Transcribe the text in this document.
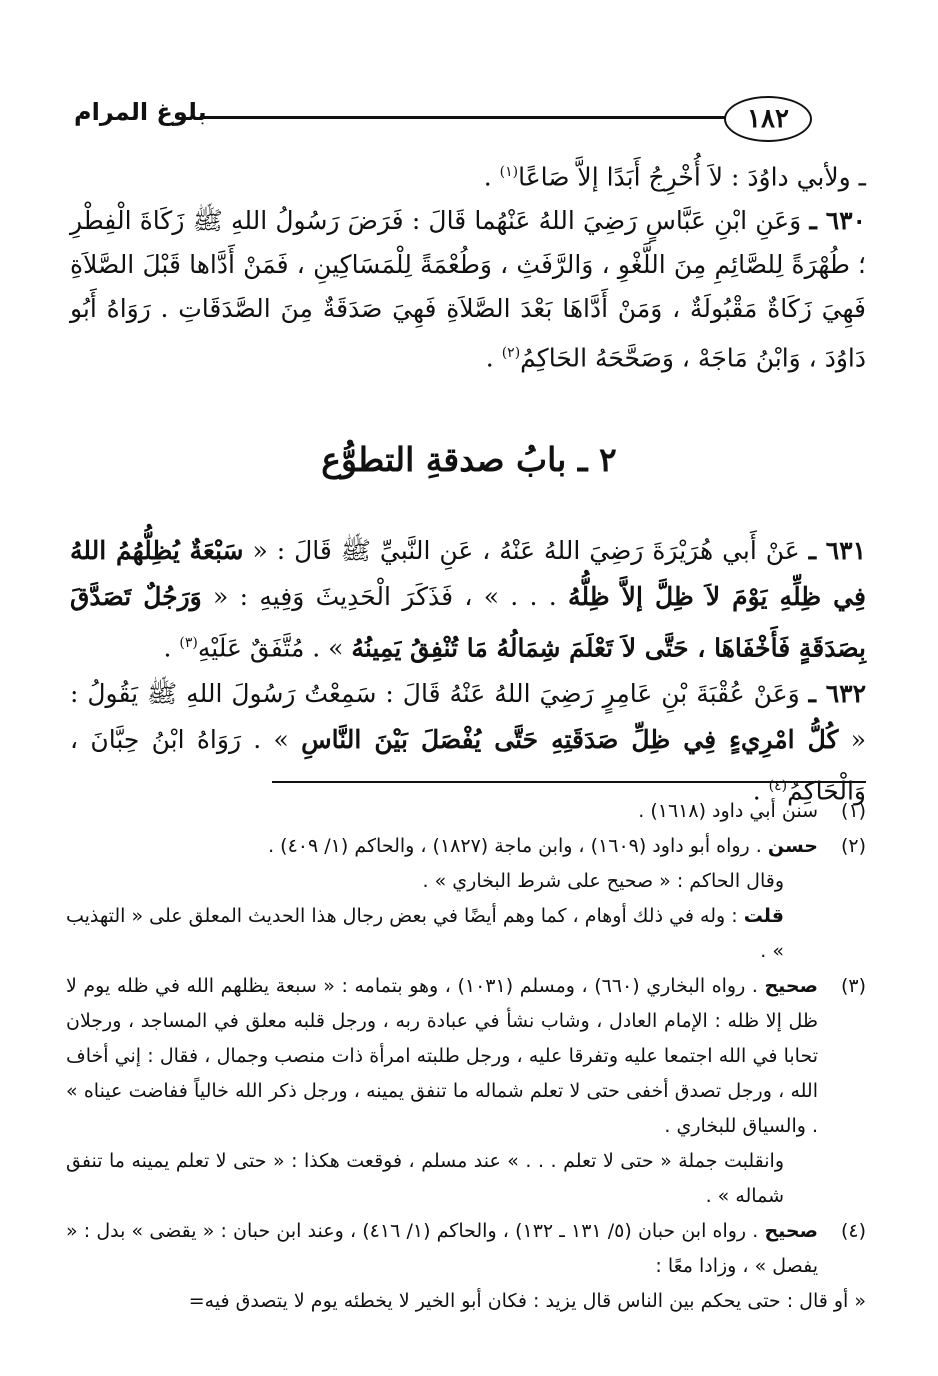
١٨٢
بلوغ المرام

ـ ولأبي داوُدَ : لاَ أُخْرِجُ أَبَدًا إلاَّ صَاعًا$^{(١)}$ .

٦٣٠ ـ وَعَنِ ابْنِ عَبَّاسٍ رَضِيَ اللهُ عَنْهُما قَالَ : فَرَضَ رَسُولُ اللهِ ﷺ زَكَاةَ الْفِطْرِ ؛ طُهْرَةً لِلصَّائِمِ مِنَ اللَّغْوِ ، وَالرَّفَثِ ، وَطُعْمَةً لِلْمَسَاكِينِ ، فَمَنْ أَدَّاها قَبْلَ الصَّلاَةِ فَهِيَ زَكَاةٌ مَقْبُولَةٌ ، وَمَنْ أَدَّاهَا بَعْدَ الصَّلاَةِ فَهِيَ صَدَقَةٌ مِنَ الصَّدَقَاتِ . رَوَاهُ أَبُو دَاوُدَ ، وَابْنُ مَاجَهْ ، وَصَحَّحَهُ الحَاكِمُ$^{(٢)}$ .

٢ ـ بابُ صدقةِ التطوُّع

٦٣١ ـ عَنْ أَبي هُرَيْرَةَ رَضِيَ اللهُ عَنْهُ ، عَنِ النَّبيِّ ﷺ قَالَ : « سَبْعَةٌ يُظِلُّهُمُ اللهُ فِي ظِلِّهِ يَوْمَ لاَ ظِلَّ إلاَّ ظِلُّهُ . . . » ، فَذَكَرَ الْحَدِيثَ وَفِيهِ : « وَرَجُلٌ تَصَدَّقَ بِصَدَقَةٍ فَأَخْفَاهَا ، حَتَّى لاَ تَعْلَمَ شِمَالُهُ مَا تُنْفِقُ يَمِينُهُ » . مُتَّفَقٌ عَلَيْهِ$^{(٣)}$ .

٦٣٢ ـ وَعَنْ عُقْبَةَ بْنِ عَامِرٍ رَضِيَ اللهُ عَنْهُ قَالَ : سَمِعْتُ رَسُولَ اللهِ ﷺ يَقُولُ : « كُلُّ امْرِيءٍ فِي ظِلِّ صَدَقَتِهِ حَتَّى يُفْصَلَ بَيْنَ النَّاسِ » . رَوَاهُ ابْنُ حِبَّانَ ، وَالْحَاكِمُ$^{(٤)}$ .

(١)
سنن أبي داود (١٦١٨) .
(٢)
حسن . رواه أبو داود (١٦٠٩) ، وابن ماجة (١٨٢٧) ، والحاكم (١/ ٤٠٩) .

وقال الحاكم : « صحيح على شرط البخاري » .

قلت : وله في ذلك أوهام ، كما وهم أيضًا في بعض رجال هذا الحديث المعلق على « التهذيب » .

(٣)
صحيح . رواه البخاري (٦٦٠) ، ومسلم (١٠٣١) ، وهو بتمامه : « سبعة يظلهم الله في ظله يوم لا ظل إلا ظله : الإمام العادل ، وشاب نشأ في عبادة ربه ، ورجل قلبه معلق في المساجد ، ورجلان تحابا في الله اجتمعا عليه وتفرقا عليه ، ورجل طلبته امرأة ذات منصب وجمال ، فقال : إني أخاف الله ، ورجل تصدق أخفى حتى لا تعلم شماله ما تنفق يمينه ، ورجل ذكر الله خالياً ففاضت عيناه » . والسياق للبخاري .

وانقلبت جملة « حتى لا تعلم . . . » عند مسلم ، فوقعت هكذا : « حتى لا تعلم يمينه ما تنفق شماله » .

(٤)
صحيح . رواه ابن حبان (٥/ ١٣١ ـ ١٣٢) ، والحاكم (١/ ٤١٦) ، وعند ابن حبان : « يقضى » بدل : « يفصل » ، وزادا معًا :

« أو قال : حتى يحكم بين الناس قال يزيد : فكان أبو الخير لا يخطئه يوم لا يتصدق فيه=
